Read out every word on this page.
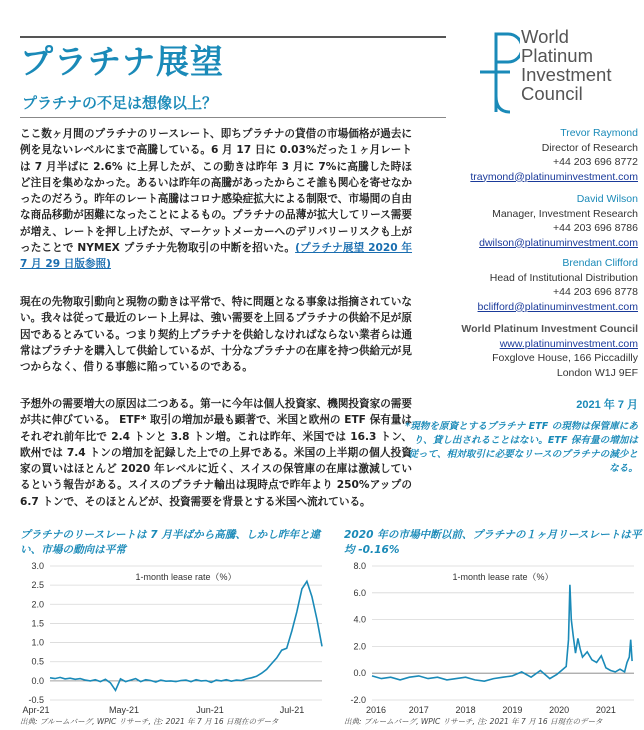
プラチナ展望
プラチナの不足は想像以上？
World
Platinum
Investment
Council
ここ数ヶ月間のプラチナのリースレート、即ちプラチナの貸借の市場価格が過去に例を見ないレベルにまで高騰している。6 月 17 日に 0.03%だった１ヶ月レートは 7 月半ばに 2.6% に上昇したが、この動きは昨年 3 月に 7%に高騰した時ほど注目を集めなかった。あるいは昨年の高騰があったからこそ誰も関心を寄せなかったのだろう。昨年のレート高騰はコロナ感染症拡大による制限で、市場間の自由な商品移動が困難になったことによるもの。プラチナの品薄が拡大してリース需要が増え、レートを押し上げたが、マーケットメーカーへのデリバリーリスクも上がったことで NYMEX プラチナ先物取引の中断を招いた。(プラチナ展望 2020 年 7 月 29 日版参照)
現在の先物取引動向と現物の動きは平常で、特に問題となる事象は指摘されていない。我々は従って最近のレート上昇は、強い需要を上回るプラチナの供給不足が原因であるとみている。つまり契約上プラチナを供給しなければならない業者らは通常はプラチナを購入して供給しているが、十分なプラチナの在庫を持つ供給元が見つからなく、借りる事態に陥っているのである。
予想外の需要増大の原因は二つある。第一に今年は個人投資家、機関投資家の需要が共に伸びている。 ETF* 取引の増加が最も顕著で、米国と欧州の ETF 保有量はそれぞれ前年比で 2.4 トンと 3.8 トン増。これは昨年、米国では 16.3 トン、欧州では 7.4 トンの増加を記録した上での上昇である。米国の上半期の個人投資家の買いはほとんど 2020 年レベルに近く、スイスの保管庫の在庫は激減しているという報告がある。スイスのプラチナ輸出は現時点で昨年より 250%アップの 6.7 トンで、そのほとんどが、投資需要を背景とする米国へ流れている。
Trevor Raymond
Director of Research
+44 203 696 8772
traymond@platinuminvestment.com
David Wilson
Manager, Investment Research
+44 203 696 8786
dwilson@platinuminvestment.com
Brendan Clifford
Head of Institutional Distribution
+44 203 696 8778
bclifford@platinuminvestment.com
World Platinum Investment Council
www.platinuminvestment.com
Foxglove House, 166 Piccadilly
London W1J 9EF
2021 年 7 月
*現物を原資とするプラチナ ETF の現物は保管庫にあり、貸し出されることはない。ETF 保有量の増加は従って、相対取引に必要なリースのプラチナの減少となる。
プラチナのリースレートは 7 月半ばから高騰、しかし昨年と違い、市場の動向は平常
2020 年の市場中断以前、プラチナの１ヶ月リースレートは平均 -0.16%
-0.5
0.0
0.5
1.0
1.5
2.0
2.5
3.0
Apr-21	May-21	Jun-21	Jul-21
1-month lease rate（%）
-2.0
0.0
2.0
4.0
6.0
8.0
2016	2017	2018	2019	2020	2021
1-month lease rate（%）
出典: ブルームバーグ, WPIC リサーチ, 注: 2021 年 7 月 16 日現在のデータ	出典: ブルームバーグ, WPIC リサーチ, 注: 2021 年 7 月 16 日現在のデータ
